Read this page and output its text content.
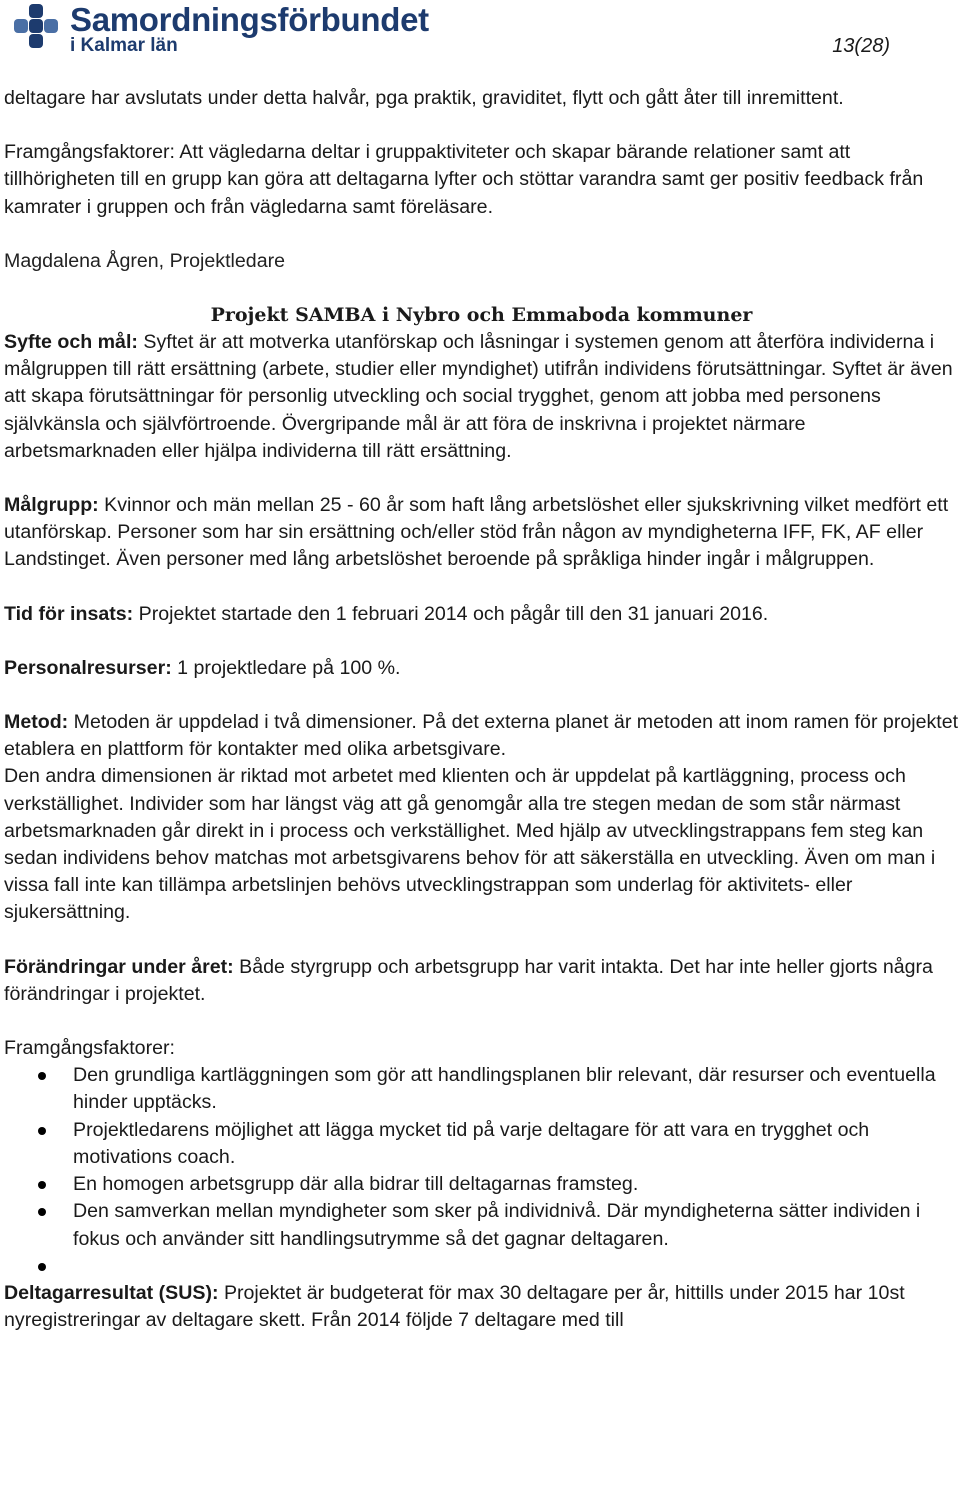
Samordningsförbundet
i Kalmar län	13(28)

deltagare har avslutats under detta halvår, pga praktik, graviditet, flytt och gått åter till inremittent.

Framgångsfaktorer: Att vägledarna deltar i gruppaktiviteter och skapar bärande relationer samt att tillhörigheten till en grupp kan göra att deltagarna lyfter och stöttar varandra samt ger positiv feedback från kamrater i gruppen och från vägledarna samt föreläsare.

Magdalena Ågren, Projektledare

Projekt SAMBA i Nybro och Emmaboda kommuner

Syfte och mål: Syftet är att motverka utanförskap och låsningar i systemen genom att återföra individerna i målgruppen till rätt ersättning (arbete, studier eller myndighet) utifrån individens förutsättningar. Syftet är även att skapa förutsättningar för personlig utveckling och social trygghet, genom att jobba med personens självkänsla och självförtroende. Övergripande mål är att föra de inskrivna i projektet närmare arbetsmarknaden eller hjälpa individerna till rätt ersättning.

Målgrupp: Kvinnor och män mellan 25 - 60 år som haft lång arbetslöshet eller sjukskrivning vilket medfört ett utanförskap. Personer som har sin ersättning och/eller stöd från någon av myndigheterna IFF, FK, AF eller Landstinget. Även personer med lång arbetslöshet beroende på språkliga hinder ingår i målgruppen.

Tid för insats: Projektet startade den 1 februari 2014 och pågår till den 31 januari 2016.

Personalresurser: 1 projektledare på 100 %.

Metod: Metoden är uppdelad i två dimensioner. På det externa planet är metoden att inom ramen för projektet etablera en plattform för kontakter med olika arbetsgivare.

Den andra dimensionen är riktad mot arbetet med klienten och är uppdelat på kartläggning, process och verkställighet. Individer som har längst väg att gå genomgår alla tre stegen medan de som står närmast arbetsmarknaden går direkt in i process och verkställighet. Med hjälp av utvecklingstrappans fem steg kan sedan individens behov matchas mot arbetsgivarens behov för att säkerställa en utveckling. Även om man i vissa fall inte kan tillämpa arbetslinjen behövs utvecklingstrappan som underlag för aktivitets- eller sjukersättning.

Förändringar under året: Både styrgrupp och arbetsgrupp har varit intakta. Det har inte heller gjorts några förändringar i projektet.

Framgångsfaktorer:

Den grundliga kartläggningen som gör att handlingsplanen blir relevant, där resurser och eventuella hinder upptäcks.
Projektledarens möjlighet att lägga mycket tid på varje deltagare för att vara en trygghet och motivations coach.
En homogen arbetsgrupp där alla bidrar till deltagarnas framsteg.
Den samverkan mellan myndigheter som sker på individnivå. Där myndigheterna sätter individen i fokus och använder sitt handlingsutrymme så det gagnar deltagaren.

Deltagarresultat (SUS): Projektet är budgeterat för max 30 deltagare per år, hittills under 2015 har 10st nyregistreringar av deltagare skett. Från 2014 följde 7 deltagare med till
